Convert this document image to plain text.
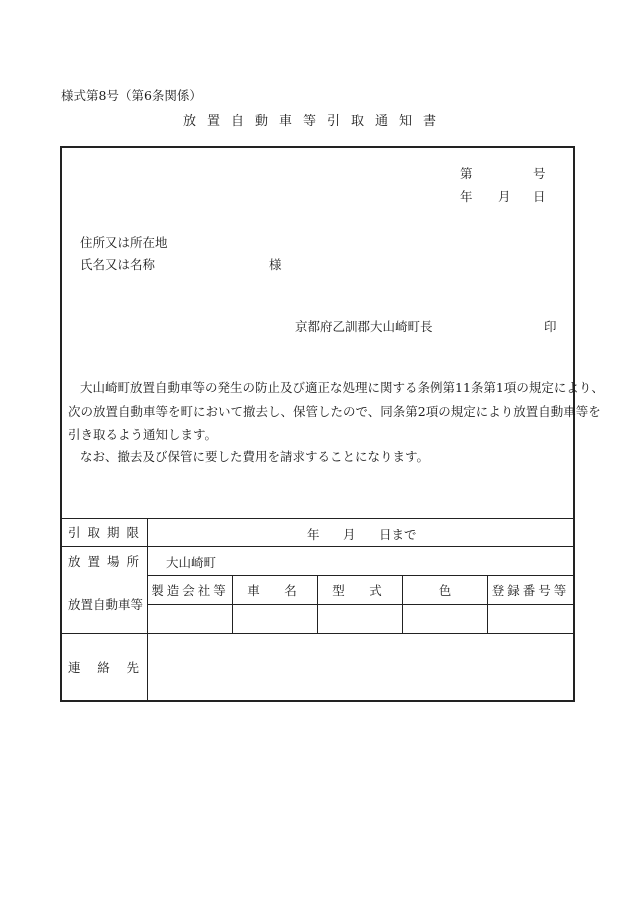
様式第8号（第6条関係）
放置自動車等引取通知書
第	号
年 月 日
住所又は所在地
氏名又は名称	様
京都府乙訓郡大山崎町長	印
大山崎町放置自動車等の発生の防止及び適正な処理に関する条例第11条第1項の規定により、
次の放置自動車等を町において撤去し、保管したので、同条第2項の規定により放置自動車等を
引き取るよう通知します。
なお、撤去及び保管に要した費用を請求することになります。
引 取 期 限	年 月 日まで
放 置 場 所 大山崎町
放置自動車等
製造会社等	車　名	型　式	色	登録番号等
連 絡 先
